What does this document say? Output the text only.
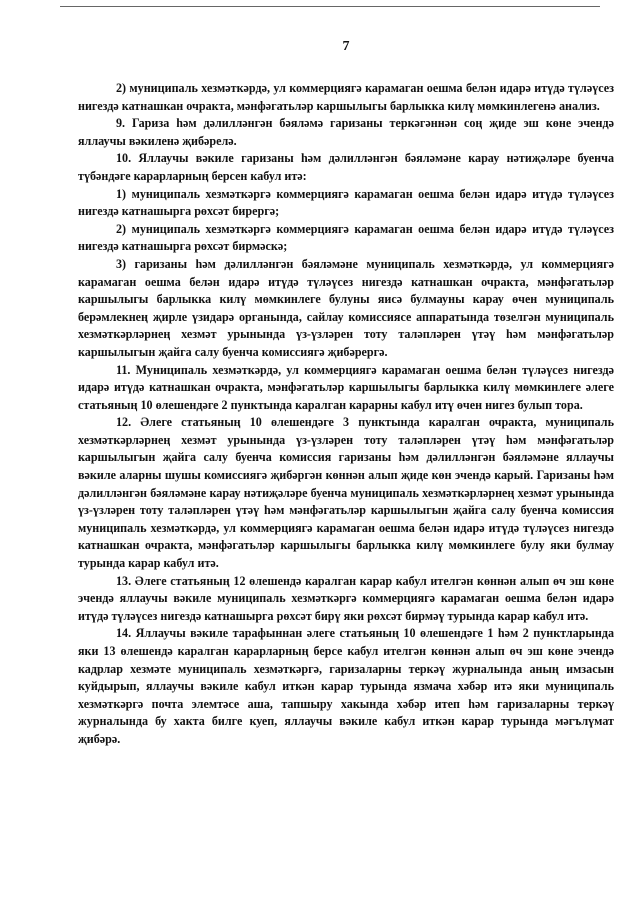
7

2) муниципаль хезмәткәрдә, ул коммерциягә карамаган оешма белән идарә итүдә түләүсез нигездә катнашкан очракта, мәнфәгатьләр каршылыгы барлыкка килү мөмкинлегенә анализ.

9. Гариза һәм дәлилләнгән бәяләмә гаризаны теркәгәннән соң җиде эш көне эчендә яллаучы вәкиленә җибәрелә.

10. Яллаучы вәкиле гаризаны һәм дәлилләнгән бәяләмәне карау нәтиҗәләре буенча түбәндәге карарларның берсен кабул итә:

1) муниципаль хезмәткәргә коммерциягә карамаган оешма белән идарә итүдә түләүсез нигездә катнашырга рөхсәт бирергә;

2) муниципаль хезмәткәргә коммерциягә карамаган оешма белән идарә итүдә түләүсез нигездә катнашырга рөхсәт бирмәскә;

3) гаризаны һәм дәлилләнгән бәяләмәне муниципаль хезмәткәрдә, ул коммерциягә карамаган оешма белән идарә итүдә түләүсез нигездә катнашкан очракта, мәнфәгатьләр каршылыгы барлыкка килү мөмкинлеге булуны яисә булмауны карау өчен муниципаль берәмлекнең җирле үзидарә органында, сайлау комиссиясе аппаратында төзелгән муниципаль хезмәткәрләрнең хезмәт урынында үз-үзләрен тоту таләпләрен үтәү һәм мәнфәгатьләр каршылыгын җайга салу буенча комиссиягә җибәрергә.

11. Муниципаль хезмәткәрдә, ул коммерциягә карамаган оешма белән түләүсез нигездә идарә итүдә катнашкан очракта, мәнфәгатьләр каршылыгы барлыкка килү мөмкинлеге әлеге статьяның 10 өлешендәге 2 пунктында каралган карарны кабул итү өчен нигез булып тора.

12. Әлеге статьяның 10 өлешендәге 3 пунктында каралган очракта, муниципаль хезмәткәрләрнең хезмәт урынында үз-үзләрен тоту таләпләрен үтәү һәм мәнфәгатьләр каршылыгын җайга салу буенча комиссия гаризаны һәм дәлилләнгән бәяләмәне яллаучы вәкиле аларны шушы комиссиягә җибәргән көннән алып җиде көн эчендә карый. Гаризаны һәм дәлилләнгән бәяләмәне карау нәтиҗәләре буенча муниципаль хезмәткәрләрнең хезмәт урынында үз-үзләрен тоту таләпләрен үтәү һәм мәнфәгатьләр каршылыгын җайга салу буенча комиссия муниципаль хезмәткәрдә, ул коммерциягә карамаган оешма белән идарә итүдә түләүсез нигездә катнашкан очракта, мәнфәгатьләр каршылыгы барлыкка килү мөмкинлеге булу яки булмау турында карар кабул итә.

13. Әлеге статьяның 12 өлешендә каралган карар кабул ителгән көннән алып өч эш көне эчендә яллаучы вәкиле муниципаль хезмәткәргә коммерциягә карамаган оешма белән идарә итүдә түләүсез нигездә катнашырга рөхсәт бирү яки рөхсәт бирмәү турында карар кабул итә.

14. Яллаучы вәкиле тарафыннан әлеге статьяның 10 өлешендәге 1 һәм 2 пунктларында яки 13 өлешендә каралган карарларның берсе кабул ителгән көннән алып өч эш көне эчендә кадрлар хезмәте муниципаль хезмәткәргә, гаризаларны теркәү журналында аның имзасын куйдырып, яллаучы вәкиле кабул иткән карар турында язмача хәбәр итә яки муниципаль хезмәткәргә почта элемтәсе аша, тапшыру хакында хәбәр итеп һәм гаризаларны теркәү журналында бу хакта билге куеп, яллаучы вәкиле кабул иткән карар турында мәгълүмат җибәрә.
